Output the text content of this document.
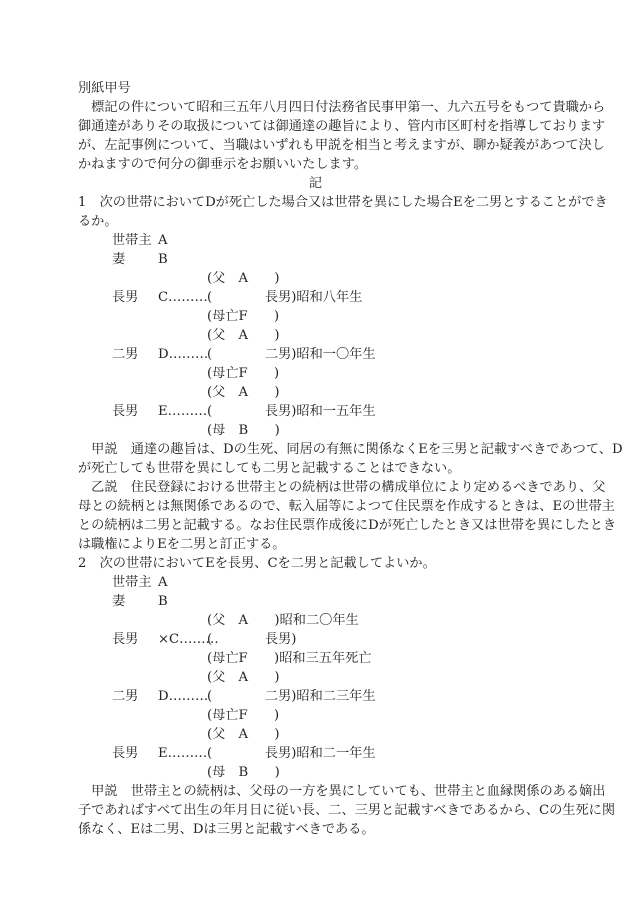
別紙甲号
　標記の件について昭和三五年八月四日付法務省民事甲第一、九六五号をもつて貴職から
御通達がありその取扱については御通達の趣旨により、管内市区町村を指導しております
が、左記事例について、当職はいずれも甲説を相当と考えますが、聊か疑義があつて決し
かねますので何分の御垂示をお願いいたします。
記
1　次の世帯においてDが死亡した場合又は世帯を異にした場合Eを二男とすることができ
るか。
世帯主 A
妻 B
(父　A　　)
長男 C……… (　　　　長男)昭和八年生
(母亡F　　)
(父　A　　)
二男 D………
(　　　　二男)昭和一〇年生
(母亡F　　)
(父　A　　)
長男 E……… (　　　　長男)昭和一五年生
(母　B　　)
　甲説　通達の趣旨は、Dの生死、同居の有無に関係なくEを三男と記載すべきであつて、D
が死亡しても世帯を異にしても二男と記載することはできない。
　乙説　住民登録における世帯主との続柄は世帯の構成単位により定めるべきであり、父
母との続柄とは無関係であるので、転入届等によつて住民票を作成するときは、Eの世帯主
との続柄は二男と記載する。なお住民票作成後にDが死亡したとき又は世帯を異にしたとき
は職権によりEを二男と訂正する。
2　次の世帯においてEを長男、Cを二男と記載してよいか。
世帯主 A
妻 B
(父　A　　)昭和二〇年生
長男 ×C………
(　　　　長男)
(母亡F　　)昭和三五年死亡
(父　A　　)
二男 D………
(　　　　二男)昭和二三年生
(母亡F　　)
(父　A　　)
長男 E……… (　　　　長男)昭和二一年生
(母　B　　)
　甲説　世帯主との続柄は、父母の一方を異にしていても、世帯主と血縁関係のある嫡出
子であればすべて出生の年月日に従い長、二、三男と記載すべきであるから、Cの生死に関
係なく、Eは二男、Dは三男と記載すべきである。
